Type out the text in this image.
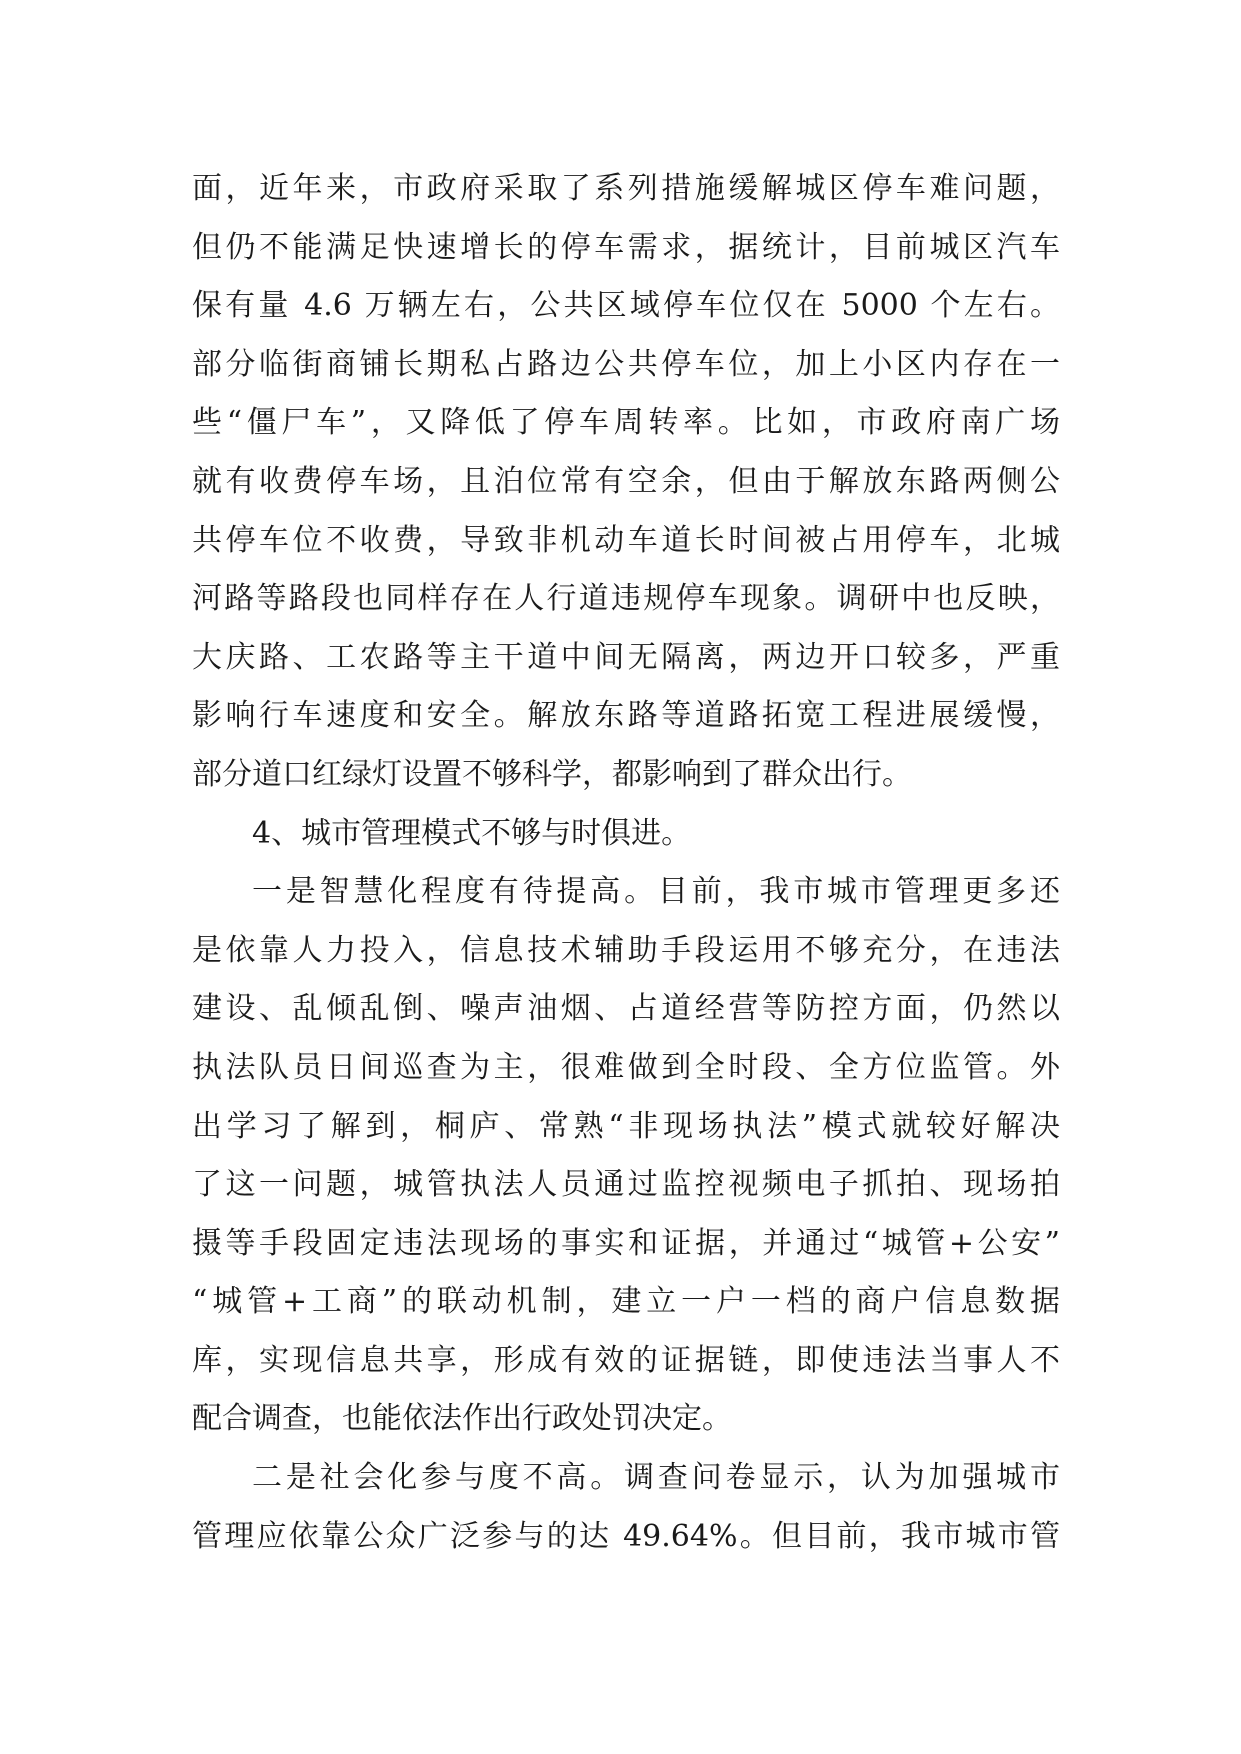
面，近年来，市政府采取了系列措施缓解城区停车难问题，
但仍不能满足快速增长的停车需求，据统计，目前城区汽车
保有量 4.6 万辆左右，公共区域停车位仅在 5000 个左右。
部分临街商铺长期私占路边公共停车位，加上小区内存在一
些“僵尸车”，又降低了停车周转率。比如，市政府南广场
就有收费停车场，且泊位常有空余，但由于解放东路两侧公
共停车位不收费，导致非机动车道长时间被占用停车，北城
河路等路段也同样存在人行道违规停车现象。调研中也反映，
大庆路、工农路等主干道中间无隔离，两边开口较多，严重
影响行车速度和安全。解放东路等道路拓宽工程进展缓慢，
部分道口红绿灯设置不够科学，都影响到了群众出行。
4、城市管理模式不够与时俱进。
一是智慧化程度有待提高。目前，我市城市管理更多还
是依靠人力投入，信息技术辅助手段运用不够充分，在违法
建设、乱倾乱倒、噪声油烟、占道经营等防控方面，仍然以
执法队员日间巡查为主，很难做到全时段、全方位监管。外
出学习了解到，桐庐、常熟“非现场执法”模式就较好解决
了这一问题，城管执法人员通过监控视频电子抓拍、现场拍
摄等手段固定违法现场的事实和证据，并通过“城管+公安”
“城管+工商”的联动机制，建立一户一档的商户信息数据
库，实现信息共享，形成有效的证据链，即使违法当事人不
配合调查，也能依法作出行政处罚决定。
二是社会化参与度不高。调查问卷显示，认为加强城市
管理应依靠公众广泛参与的达 49.64%。但目前，我市城市管
